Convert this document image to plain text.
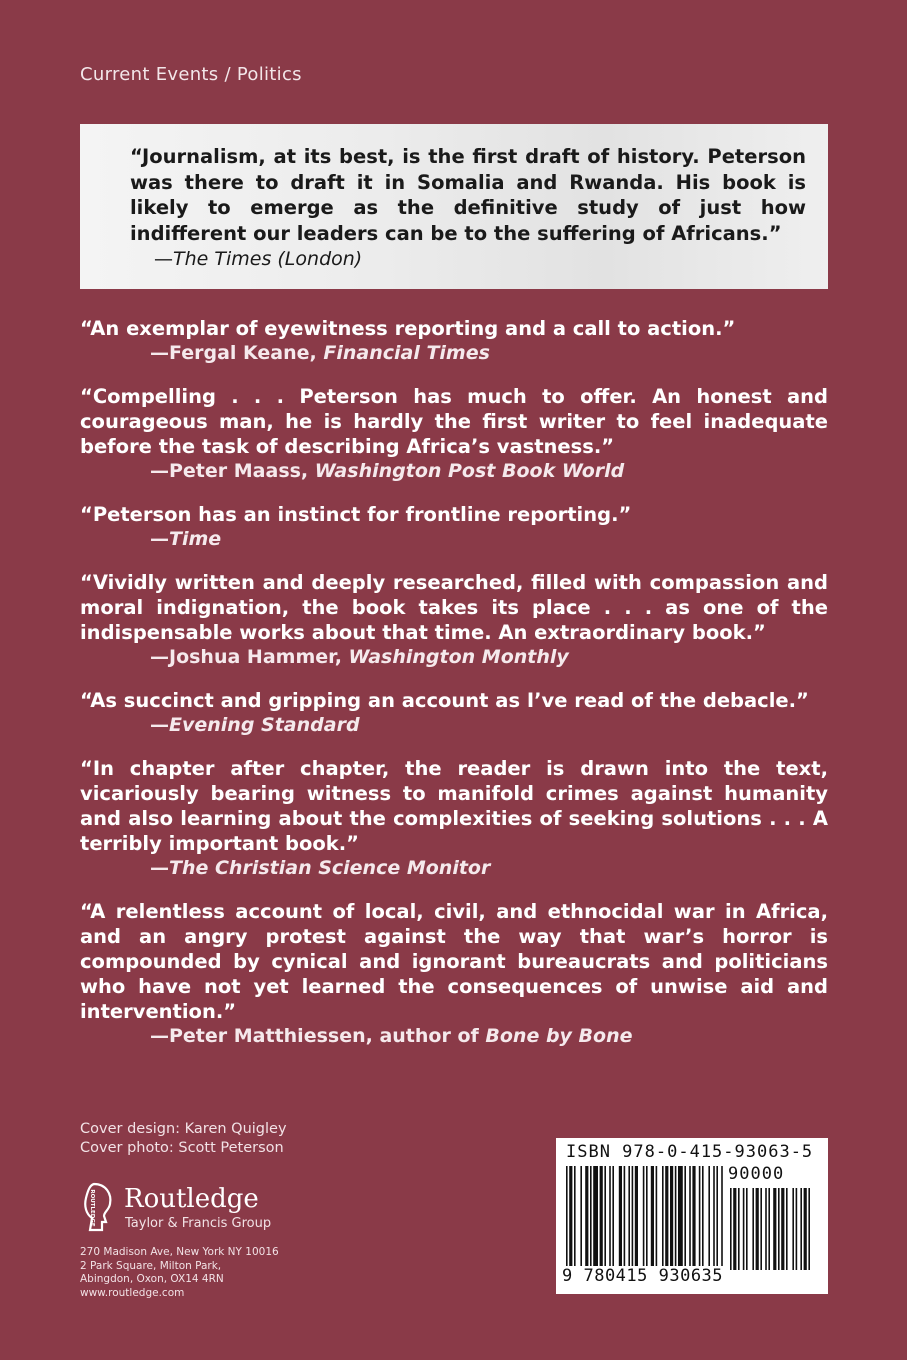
Current Events / Politics

“Journalism, at its best, is the first draft of history. Peterson was there to draft it in Somalia and Rwanda. His book is likely to emerge as the definitive study of just how indifferent our leaders can be to the suffering of Africans.”

—The Times (London)

“An exemplar of eyewitness reporting and a call to action.”

—Fergal Keane, Financial Times

“Compelling . . . Peterson has much to offer. An honest and courageous man, he is hardly the first writer to feel inadequate before the task of describing Africa’s vastness.”

—Peter Maass, Washington Post Book World

“Peterson has an instinct for frontline reporting.”

—Time

“Vividly written and deeply researched, filled with compassion and moral indignation, the book takes its place . . . as one of the indispensable works about that time. An extraordinary book.”

—Joshua Hammer, Washington Monthly

“As succinct and gripping an account as I’ve read of the debacle.”

—Evening Standard

“In chapter after chapter, the reader is drawn into the text, vicariously bearing witness to manifold crimes against humanity and also learning about the complexities of seeking solutions . . . A terribly important book.”

—The Christian Science Monitor

“A relentless account of local, civil, and ethnocidal war in Africa, and an angry protest against the way that war’s horror is compounded by cynical and ignorant bureaucrats and politicians who have not yet learned the consequences of unwise aid and intervention.”

—Peter Matthiessen, author of Bone by Bone
Cover design: Karen Quigley
Cover photo: Scott Peterson
ROUTLEDGE Routledge
Taylor & Francis Group
270 Madison Ave, New York NY 10016
2 Park Square, Milton Park,
Abingdon, Oxon, OX14 4RN
www.routledge.com
ISBN 978-0-415-93063-5
90000
9 780415 930635
